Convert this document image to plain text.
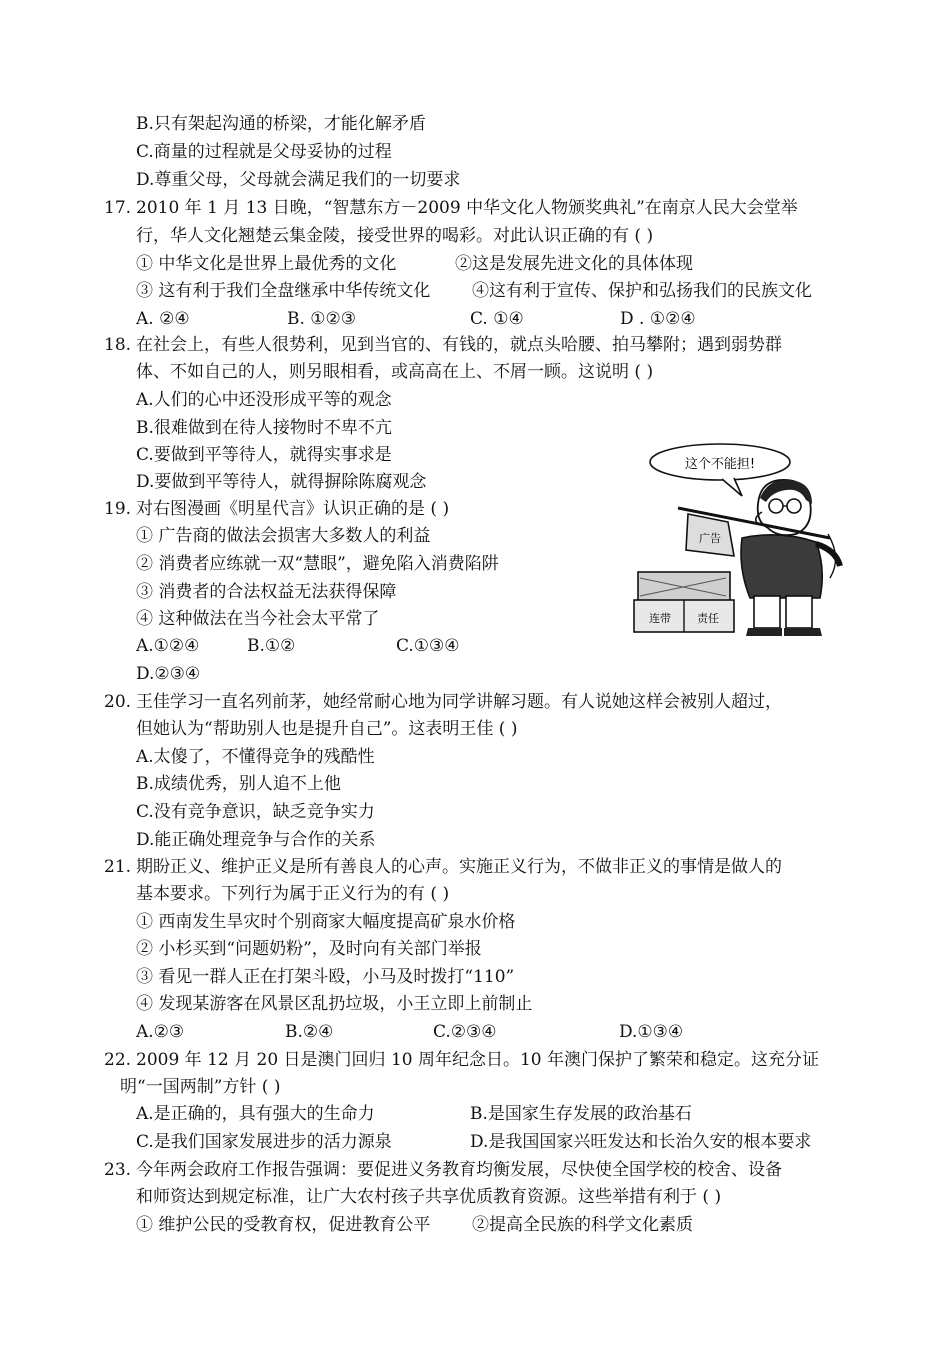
B.只有架起沟通的桥梁，才能化解矛盾
C.商量的过程就是父母妥协的过程
D.尊重父母，父母就会满足我们的一切要求
17. 2010 年 1 月 13 日晚，“智慧东方－2009 中华文化人物颁奖典礼”在南京人民大会堂举
行，华人文化翘楚云集金陵，接受世界的喝彩。对此认识正确的有 ( )
① 中华文化是世界上最优秀的文化	②这是发展先进文化的具体体现
③ 这有利于我们全盘继承中华传统文化 ④这有利于宣传、保护和弘扬我们的民族文化
A. ②④	B. ①②③	C. ①④	D . ①②④
18. 在社会上，有些人很势利，见到当官的、有钱的，就点头哈腰、拍马攀附；遇到弱势群
体、不如自己的人，则另眼相看，或高高在上、不屑一顾。这说明 ( )
A.人们的心中还没形成平等的观念
B.很难做到在待人接物时不卑不亢
C.要做到平等待人，就得实事求是
D.要做到平等待人，就得摒除陈腐观念
19. 对右图漫画《明星代言》认识正确的是 ( )
① 广告商的做法会损害大多数人的利益
② 消费者应练就一双“慧眼”，避免陷入消费陷阱
③ 消费者的合法权益无法获得保障
④ 这种做法在当今社会太平常了
A.①②④	B.①②	C.①③④
D.②③④
这个不能担!
广告
连带 责任
20. 王佳学习一直名列前茅，她经常耐心地为同学讲解习题。有人说她这样会被别人超过，
但她认为“帮助别人也是提升自己”。这表明王佳 ( )
A.太傻了，不懂得竞争的残酷性
B.成绩优秀，别人追不上他
C.没有竞争意识，缺乏竞争实力
D.能正确处理竞争与合作的关系
21. 期盼正义、维护正义是所有善良人的心声。实施正义行为，不做非正义的事情是做人的
基本要求。下列行为属于正义行为的有 ( )
① 西南发生旱灾时个别商家大幅度提高矿泉水价格
② 小杉买到“问题奶粉”，及时向有关部门举报
③ 看见一群人正在打架斗殴，小马及时拨打“110”
④ 发现某游客在风景区乱扔垃圾，小王立即上前制止
A.②③	B.②④	C.②③④	D.①③④
22. 2009 年 12 月 20 日是澳门回归 10 周年纪念日。10 年澳门保护了繁荣和稳定。这充分证
明“一国两制”方针 ( )
A.是正确的，具有强大的生命力	B.是国家生存发展的政治基石
C.是我们国家发展进步的活力源泉	D.是我国国家兴旺发达和长治久安的根本要求
23. 今年两会政府工作报告强调：要促进义务教育均衡发展，尽快使全国学校的校舍、设备
和师资达到规定标准，让广大农村孩子共享优质教育资源。这些举措有利于 ( )
① 维护公民的受教育权，促进教育公平 ②提高全民族的科学文化素质
